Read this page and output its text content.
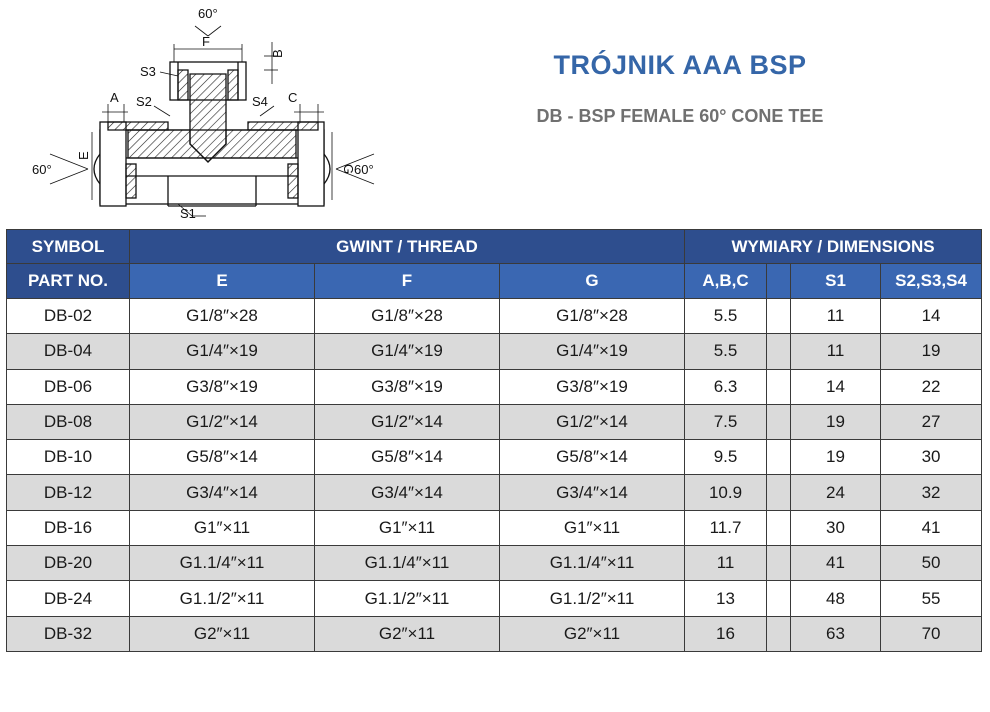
60°
F
B
S3
A S2	S4 C
60°
E
G
60°
S1
TRÓJNIK AAA BSP
DB - BSP FEMALE 60° CONE TEE
SYMBOL	GWINT / THREAD			WYMIARY / DIMENSIONS			
PART NO.	E	F	G	A,B,C		S1	S2,S3,S4
DB-02	G1/8″×28	G1/8″×28	G1/8″×28	5.5		11	14
DB-04	G1/4″×19	G1/4″×19	G1/4″×19	5.5		11	19
DB-06	G3/8″×19	G3/8″×19	G3/8″×19	6.3		14	22
DB-08	G1/2″×14	G1/2″×14	G1/2″×14	7.5		19	27
DB-10	G5/8″×14	G5/8″×14	G5/8″×14	9.5		19	30
DB-12	G3/4″×14	G3/4″×14	G3/4″×14	10.9		24	32
DB-16	G1″×11	G1″×11	G1″×11	11.7		30	41
DB-20	G1.1/4″×11	G1.1/4″×11	G1.1/4″×11	11		41	50
DB-24	G1.1/2″×11	G1.1/2″×11	G1.1/2″×11	13		48	55
DB-32	G2″×11	G2″×11	G2″×11	16		63	70
